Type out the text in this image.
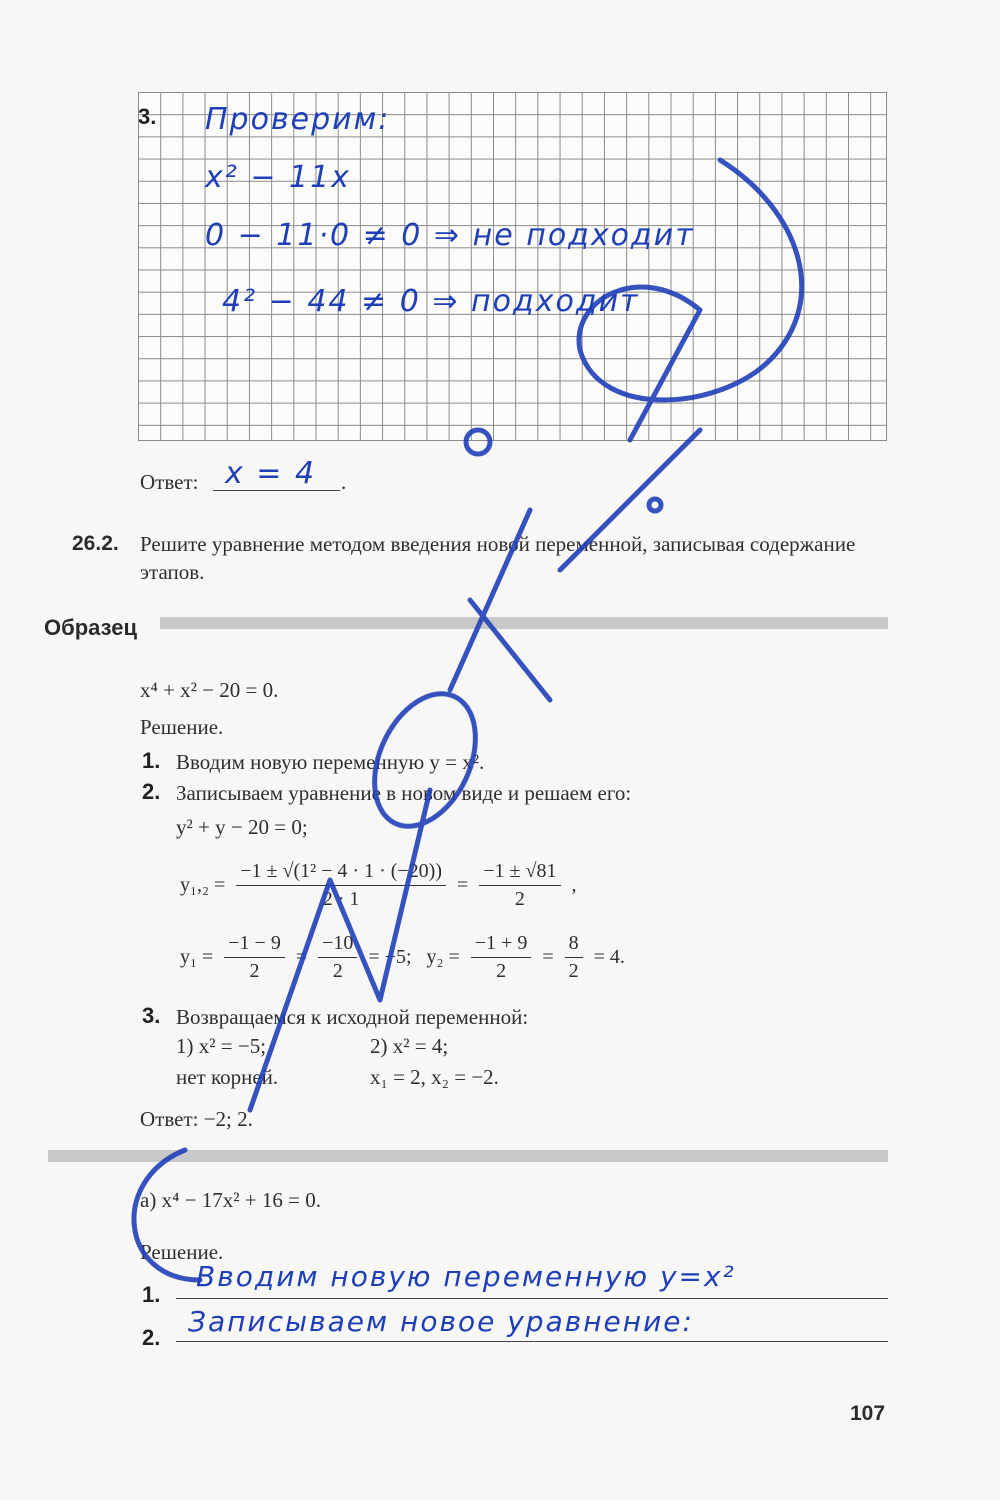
3. Проверим:
x² − 11x
0 − 11·0 ≠ 0 ⇒ не подходит
4² − 44 ≠ 0 ⇒ подходит
Ответ: x = 4 .
26.2. Решите уравнение методом введения новой переменной, записывая содержание этапов.
Образец
x⁴ + x² − 20 = 0.
Решение.
1. Вводим новую переменную y = x².
2. Записываем уравнение в новом виде и решаем его:
y² + y − 20 = 0;
$y_1,_2 = \frac{\text{−1 ± √(1² − 4 · 1 · (−20))}}{2 \cdot 1} = \frac{-1 \pm √81}{2}$ ,
$y_1 = \frac{-1 - 9}{2} = \frac{-10}{2} = -5$; $y_2 = \frac{-1 + 9}{2} = \frac{8}{2} = 4$.
3. Возвращаемся к исходной переменной:
1) x² = −5;	2) x² = 4;
нет корней.	x₁ = 2, x₂ = −2.
Ответ: −2; 2.
а) x⁴ − 17x² + 16 = 0.
Решение.
1.
Вводим новую переменную y=x²
2. Записываем новое уравнение:
107
